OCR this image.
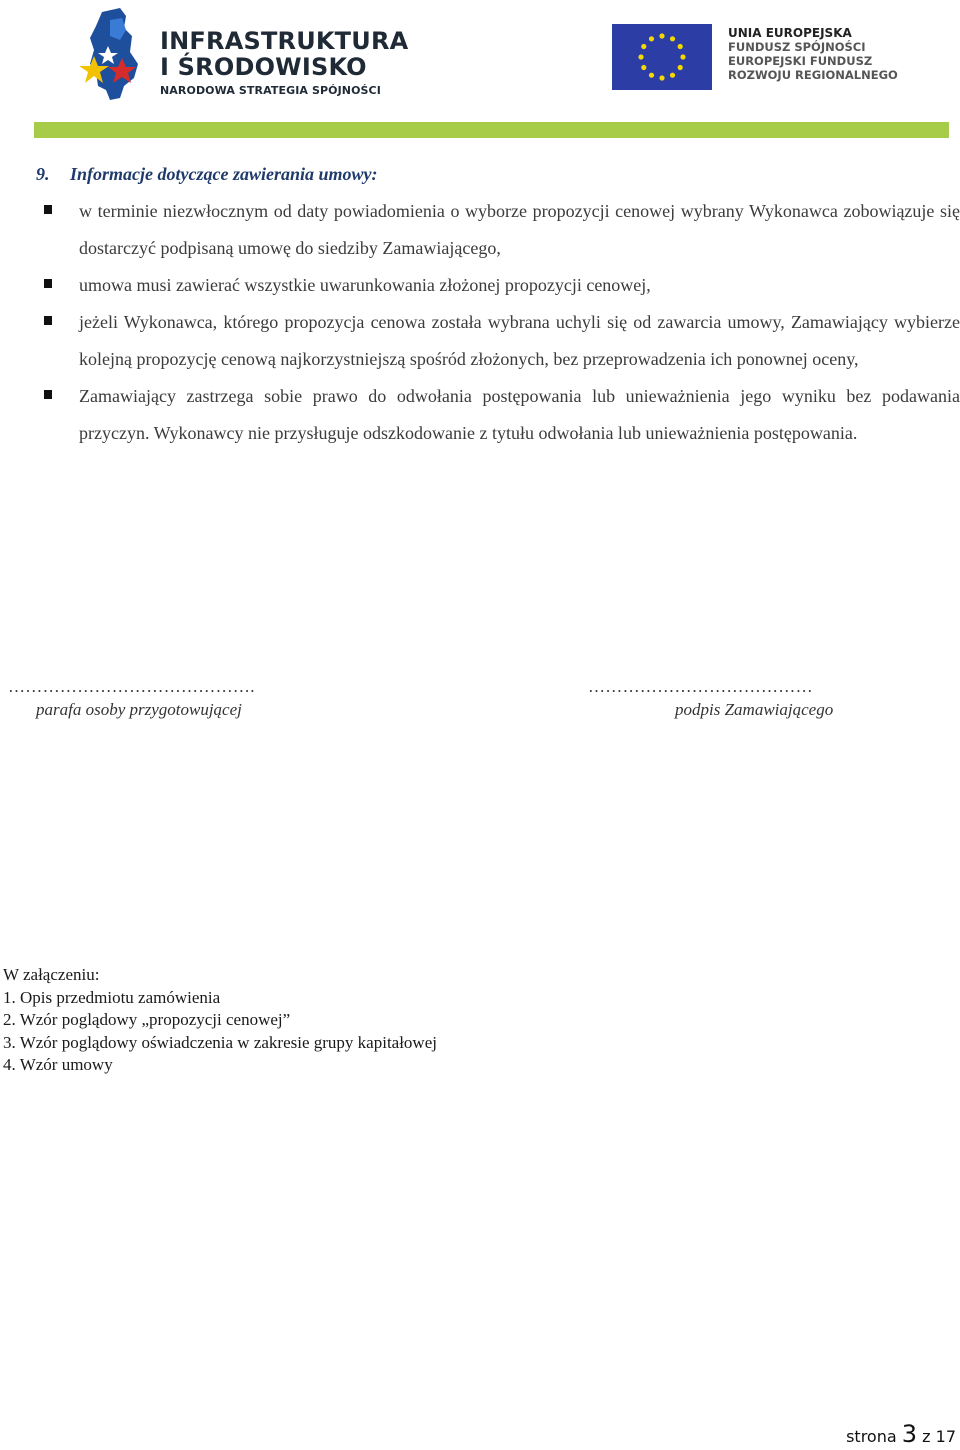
INFRASTRUKTURA
I ŚRODOWISKO
NARODOWA STRATEGIA SPÓJNOŚCI
UNIA EUROPEJSKA
FUNDUSZ SPÓJNOŚCI
EUROPEJSKI FUNDUSZ
ROZWOJU REGIONALNEGO
9. Informacje dotyczące zawierania umowy:
w terminie niezwłocznym od daty powiadomienia o wyborze propozycji cenowej wybrany Wykonawca zobowiązuje się dostarczyć podpisaną umowę do siedziby Zamawiającego,
umowa musi zawierać wszystkie uwarunkowania złożonej propozycji cenowej,
jeżeli Wykonawca, którego propozycja cenowa została wybrana uchyli się od zawarcia umowy, Zamawiający wybierze kolejną propozycję cenową najkorzystniejszą spośród złożonych, bez przeprowadzenia ich ponownej oceny,
Zamawiający zastrzega sobie prawo do odwołania postępowania lub unieważnienia jego wyniku bez podawania przyczyn. Wykonawcy nie przysługuje odszkodowanie z tytułu odwołania lub unieważnienia postępowania.
…………………………………….
parafa osoby przygotowującej
…………………………………
podpis Zamawiającego
W załączeniu:
1. Opis przedmiotu zamówienia
2. Wzór poglądowy „propozycji cenowej”
3. Wzór poglądowy oświadczenia w zakresie grupy kapitałowej
4. Wzór umowy
strona 3 z 17
